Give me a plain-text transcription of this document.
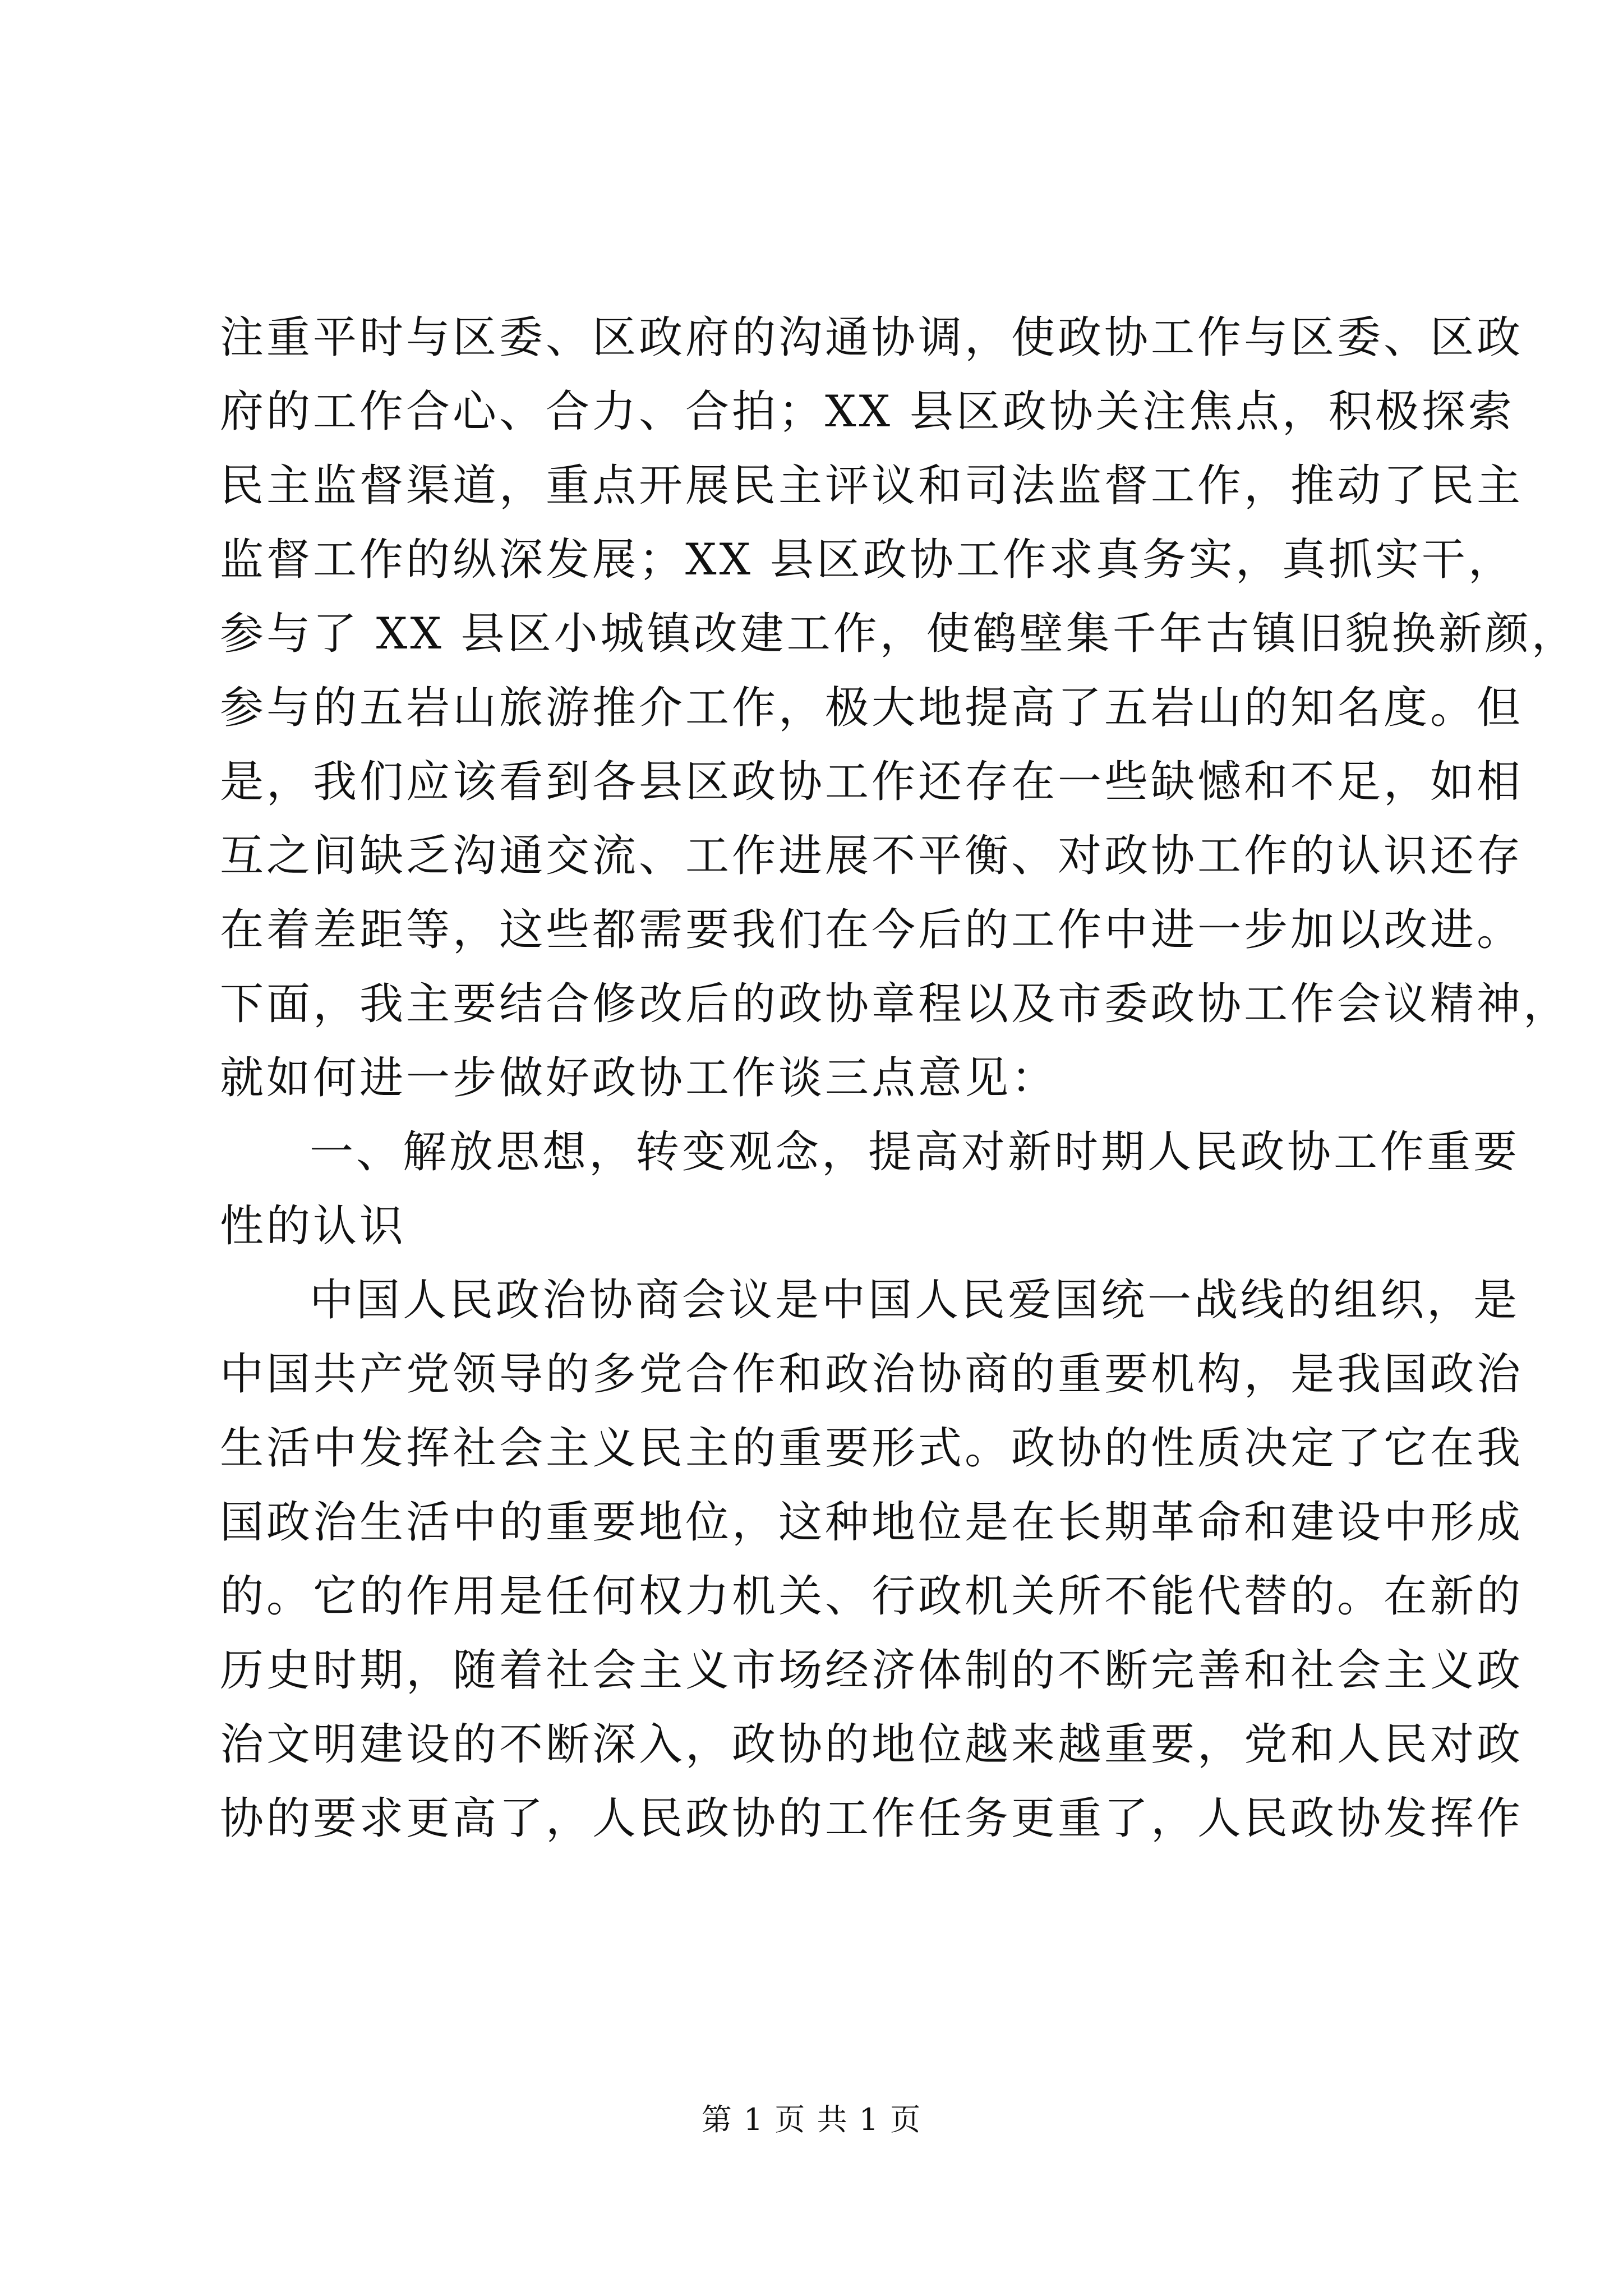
注重平时与区委、区政府的沟通协调，使政协工作与区委、区政
府的工作合心、合力、合拍；XX 县区政协关注焦点，积极探索
民主监督渠道，重点开展民主评议和司法监督工作，推动了民主
监督工作的纵深发展；XX 县区政协工作求真务实，真抓实干，
参与了 XX 县区小城镇改建工作，使鹤壁集千年古镇旧貌换新颜，
参与的五岩山旅游推介工作，极大地提高了五岩山的知名度。但
是，我们应该看到各县区政协工作还存在一些缺憾和不足，如相
互之间缺乏沟通交流、工作进展不平衡、对政协工作的认识还存
在着差距等，这些都需要我们在今后的工作中进一步加以改进。
下面，我主要结合修改后的政协章程以及市委政协工作会议精神，
就如何进一步做好政协工作谈三点意见：
一、解放思想，转变观念，提高对新时期人民政协工作重要
性的认识
中国人民政治协商会议是中国人民爱国统一战线的组织，是
中国共产党领导的多党合作和政治协商的重要机构，是我国政治
生活中发挥社会主义民主的重要形式。政协的性质决定了它在我
国政治生活中的重要地位，这种地位是在长期革命和建设中形成
的。它的作用是任何权力机关、行政机关所不能代替的。在新的
历史时期，随着社会主义市场经济体制的不断完善和社会主义政
治文明建设的不断深入，政协的地位越来越重要，党和人民对政
协的要求更高了，人民政协的工作任务更重了，人民政协发挥作
第 1 页 共 1 页
